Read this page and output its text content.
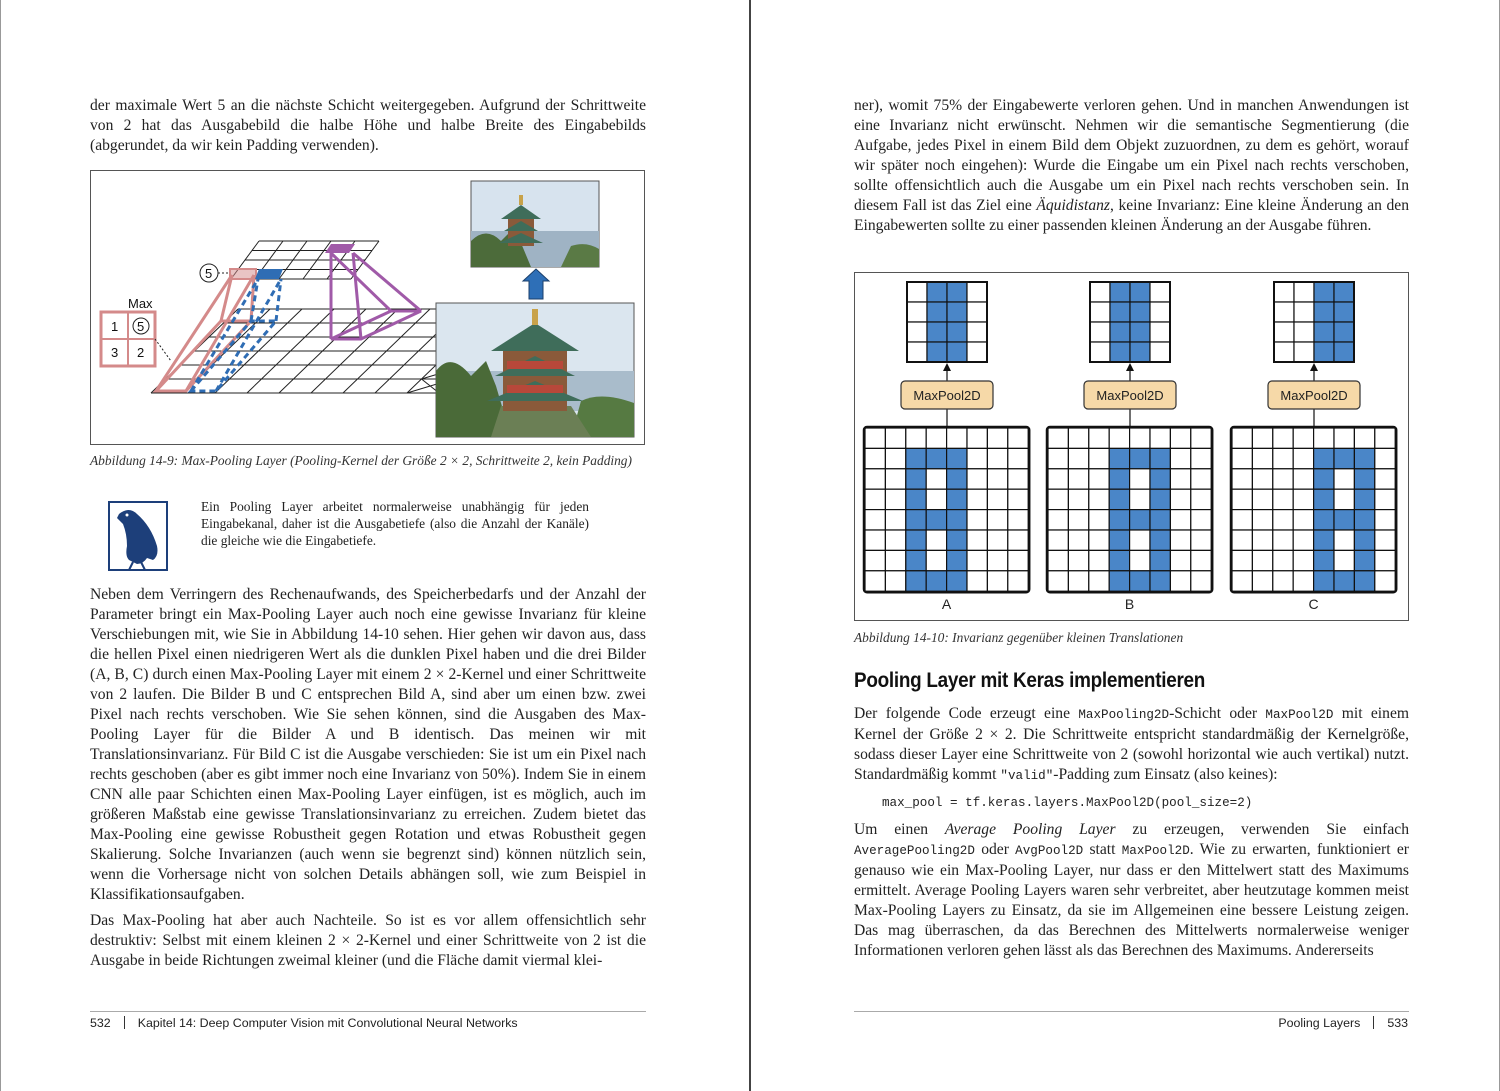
der maximale Wert 5 an die nächste Schicht weitergegeben. Aufgrund der Schrittweite von 2 hat das Ausgabebild die halbe Höhe und halbe Breite des Eingabebilds (abgerundet, da wir kein Padding verwenden).

Max
1 5
3 2
5

Abbildung 14-9: Max-Pooling Layer (Pooling-Kernel der Größe 2 × 2, Schrittweite 2, kein Padding)

Ein Pooling Layer arbeitet normalerweise unabhängig für jeden Eingabekanal, daher ist die Ausgabetiefe (also die Anzahl der Kanäle) die gleiche wie die Eingabetiefe.

Neben dem Verringern des Rechenaufwands, des Speicherbedarfs und der Anzahl der Parameter bringt ein Max-Pooling Layer auch noch eine gewisse Invarianz für kleine Verschiebungen mit, wie Sie in Abbildung 14-10 sehen. Hier gehen wir davon aus, dass die hellen Pixel einen niedrigeren Wert als die dunklen Pixel haben und die drei Bilder (A, B, C) durch einen Max-Pooling Layer mit einem 2 × 2-Kernel und einer Schrittweite von 2 laufen. Die Bilder B und C entsprechen Bild A, sind aber um einen bzw. zwei Pixel nach rechts verschoben. Wie Sie sehen können, sind die Ausgaben des Max-Pooling Layer für die Bilder A und B identisch. Das meinen wir mit Translationsinvarianz. Für Bild C ist die Ausgabe verschieden: Sie ist um ein Pixel nach rechts geschoben (aber es gibt immer noch eine Invarianz von 50%). Indem Sie in einem CNN alle paar Schichten einen Max-Pooling Layer einfügen, ist es möglich, auch im größeren Maßstab eine gewisse Translationsinvarianz zu erreichen. Zudem bietet das Max-Pooling eine gewisse Robustheit gegen Rotation und etwas Robustheit gegen Skalierung. Solche Invarianzen (auch wenn sie begrenzt sind) können nützlich sein, wenn die Vorhersage nicht von solchen Details abhängen soll, wie zum Beispiel in Klassifikationsaufgaben.

Das Max-Pooling hat aber auch Nachteile. So ist es vor allem offensichtlich sehr destruktiv: Selbst mit einem kleinen 2 × 2-Kernel und einer Schrittweite von 2 ist die Ausgabe in beide Richtungen zweimal kleiner (und die Fläche damit viermal klei-

532 Kapitel 14: Deep Computer Vision mit Convolutional Neural Networks

ner), womit 75% der Eingabewerte verloren gehen. Und in manchen Anwendungen ist eine Invarianz nicht erwünscht. Nehmen wir die semantische Segmentierung (die Aufgabe, jedes Pixel in einem Bild dem Objekt zuzuordnen, zu dem es gehört, worauf wir später noch eingehen): Wurde die Eingabe um ein Pixel nach rechts verschoben, sollte offensichtlich auch die Ausgabe um ein Pixel nach rechts verschoben sein. In diesem Fall ist das Ziel eine Äquidistanz, keine Invarianz: Eine kleine Änderung an den Eingabewerten sollte zu einer passenden kleinen Änderung an der Ausgabe führen.

MaxPool2D
A
MaxPool2D
B
MaxPool2D
C

Abbildung 14-10: Invarianz gegenüber kleinen Translationen

Pooling Layer mit Keras implementieren

Der folgende Code erzeugt eine MaxPooling2D-Schicht oder MaxPool2D mit einem Kernel der Größe 2 × 2. Die Schrittweite entspricht standardmäßig der Kernelgröße, sodass dieser Layer eine Schrittweite von 2 (sowohl horizontal wie auch vertikal) nutzt. Standardmäßig kommt "valid"-Padding zum Einsatz (also keines):

max_pool = tf.keras.layers.MaxPool2D(pool_size=2)

Um einen Average Pooling Layer zu erzeugen, verwenden Sie einfach AveragePooling2D oder AvgPool2D statt MaxPool2D. Wie zu erwarten, funktioniert er genauso wie ein Max-Pooling Layer, nur dass er den Mittelwert statt des Maximums ermittelt. Average Pooling Layers waren sehr verbreitet, aber heutzutage kommen meist Max-Pooling Layers zu Einsatz, da sie im Allgemeinen eine bessere Leistung zeigen. Das mag überraschen, da das Berechnen des Mittelwerts normalerweise weniger Informationen verloren gehen lässt als das Berechnen des Maximums. Andererseits

Pooling Layers 533
